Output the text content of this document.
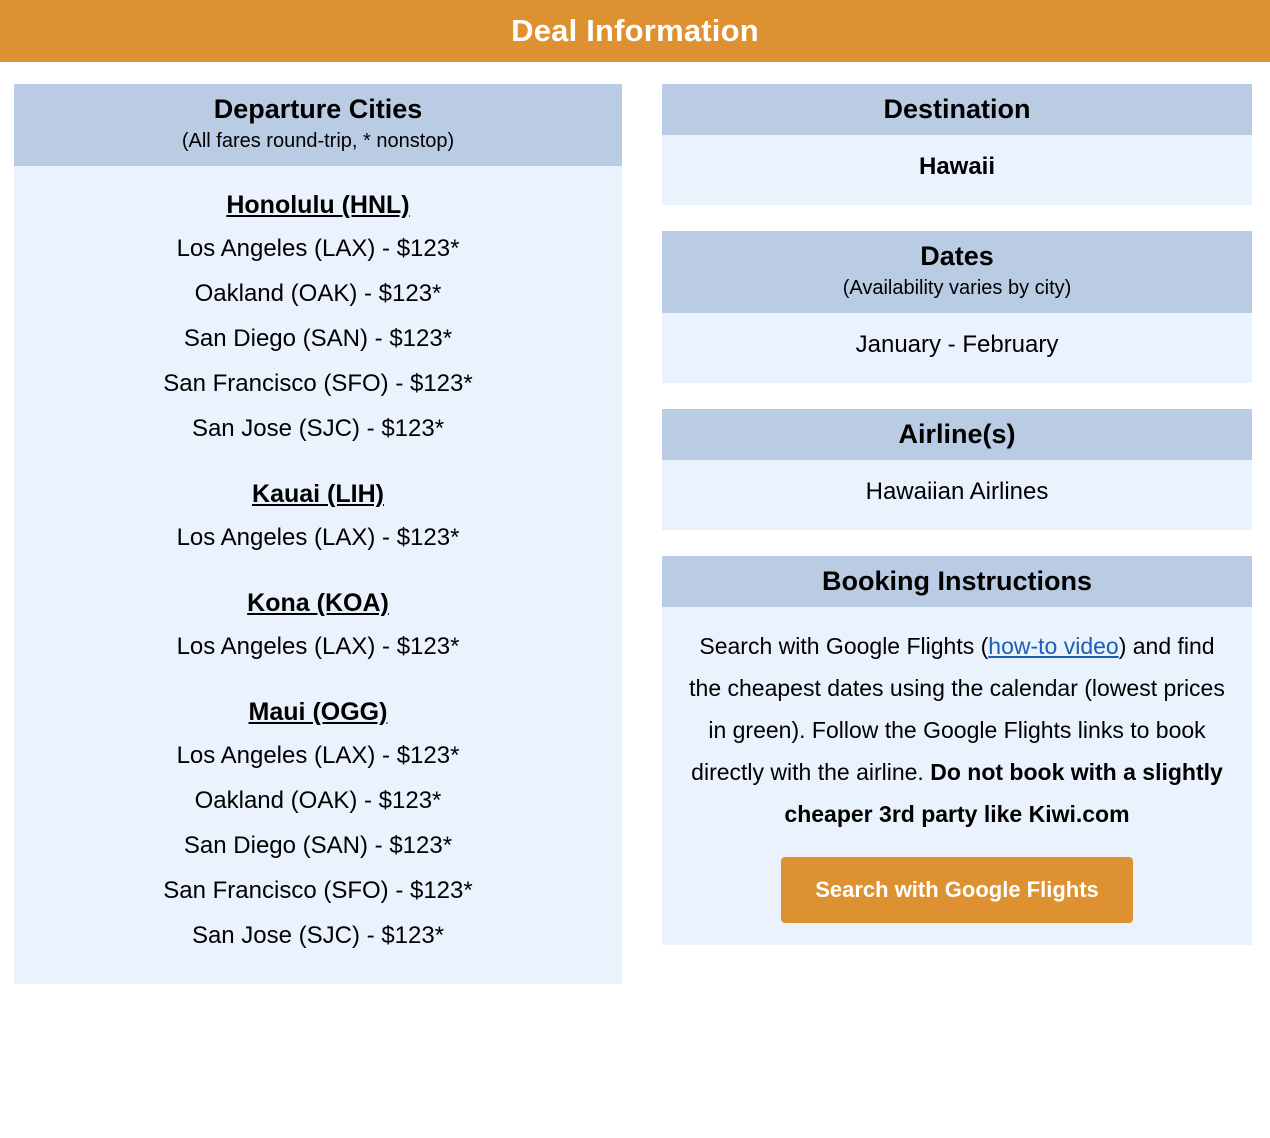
Deal Information
Departure Cities
(All fares round-trip, * nonstop)
Honolulu (HNL)
Los Angeles (LAX) - $123*
Oakland (OAK) - $123*
San Diego (SAN) - $123*
San Francisco (SFO) - $123*
San Jose (SJC) - $123*
Kauai (LIH)
Los Angeles (LAX) - $123*
Kona (KOA)
Los Angeles (LAX) - $123*
Maui (OGG)
Los Angeles (LAX) - $123*
Oakland (OAK) - $123*
San Diego (SAN) - $123*
San Francisco (SFO) - $123*
San Jose (SJC) - $123*
Destination
Hawaii
Dates
(Availability varies by city)
January - February
Airline(s)
Hawaiian Airlines
Booking Instructions
Search with Google Flights (how-to video) and find the cheapest dates using the calendar (lowest prices in green). Follow the Google Flights links to book directly with the airline. Do not book with a slightly cheaper 3rd party like Kiwi.com
Search with Google Flights
